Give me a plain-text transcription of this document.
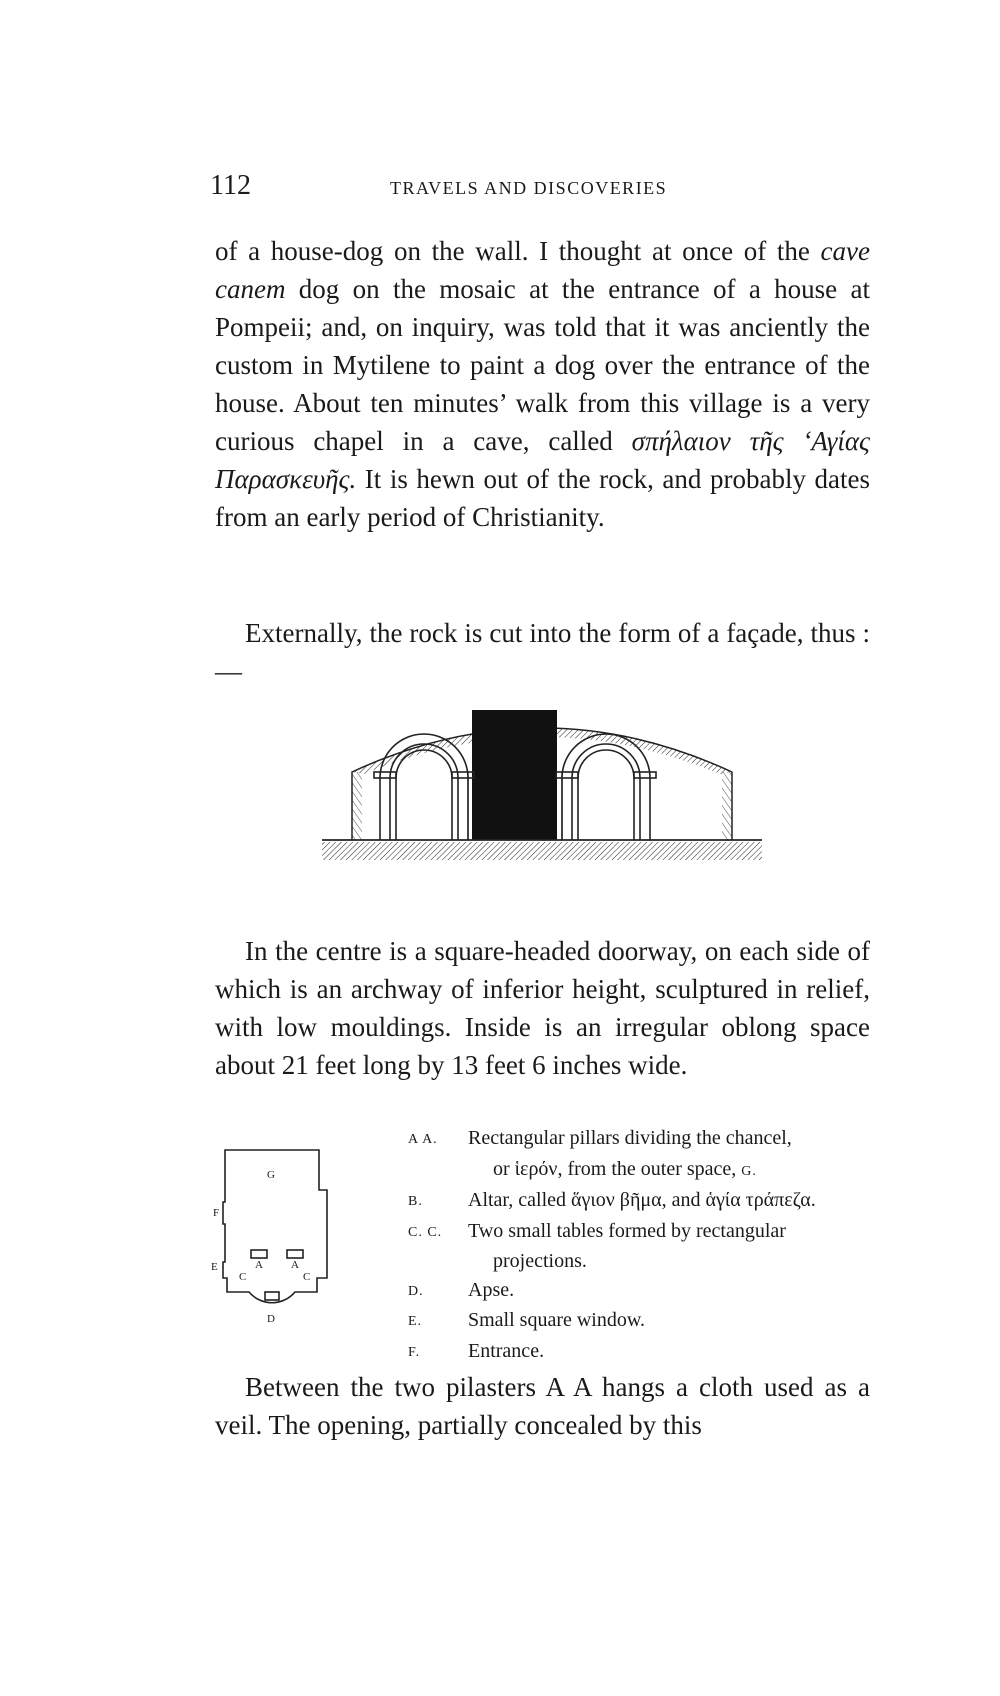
112	TRAVELS AND DISCOVERIES

of a house-dog on the wall. I thought at once of the cave canem dog on the mosaic at the entrance of a house at Pompeii; and, on inquiry, was told that it was anciently the custom in Mytilene to paint a dog over the entrance of the house. About ten minutes’ walk from this village is a very curious chapel in a cave, called σπήλαιον τῆς ‘Αγίας Παρασκευῆς. It is hewn out of the rock, and probably dates from an early period of Christianity.

Externally, the rock is cut into the form of a façade, thus :—

In the centre is a square-headed doorway, on each side of which is an archway of inferior height, sculptured in relief, with low mouldings. Inside is an irregular oblong space about 21 feet long by 13 feet 6 inches wide.

G
F
E	A	A
C	C
D
A A.	Rectangular pillars dividing the chancel,
or ἱερόν, from the outer space, G.
B.	Altar, called ἅγιον βῆμα, and ἁγία τράπεζα.
C. C.	Two small tables formed by rectangular
projections.
D.	Apse.
E.	Small square window.
F.	Entrance.

Between the two pilasters A A hangs a cloth used as a veil. The opening, partially concealed by this
